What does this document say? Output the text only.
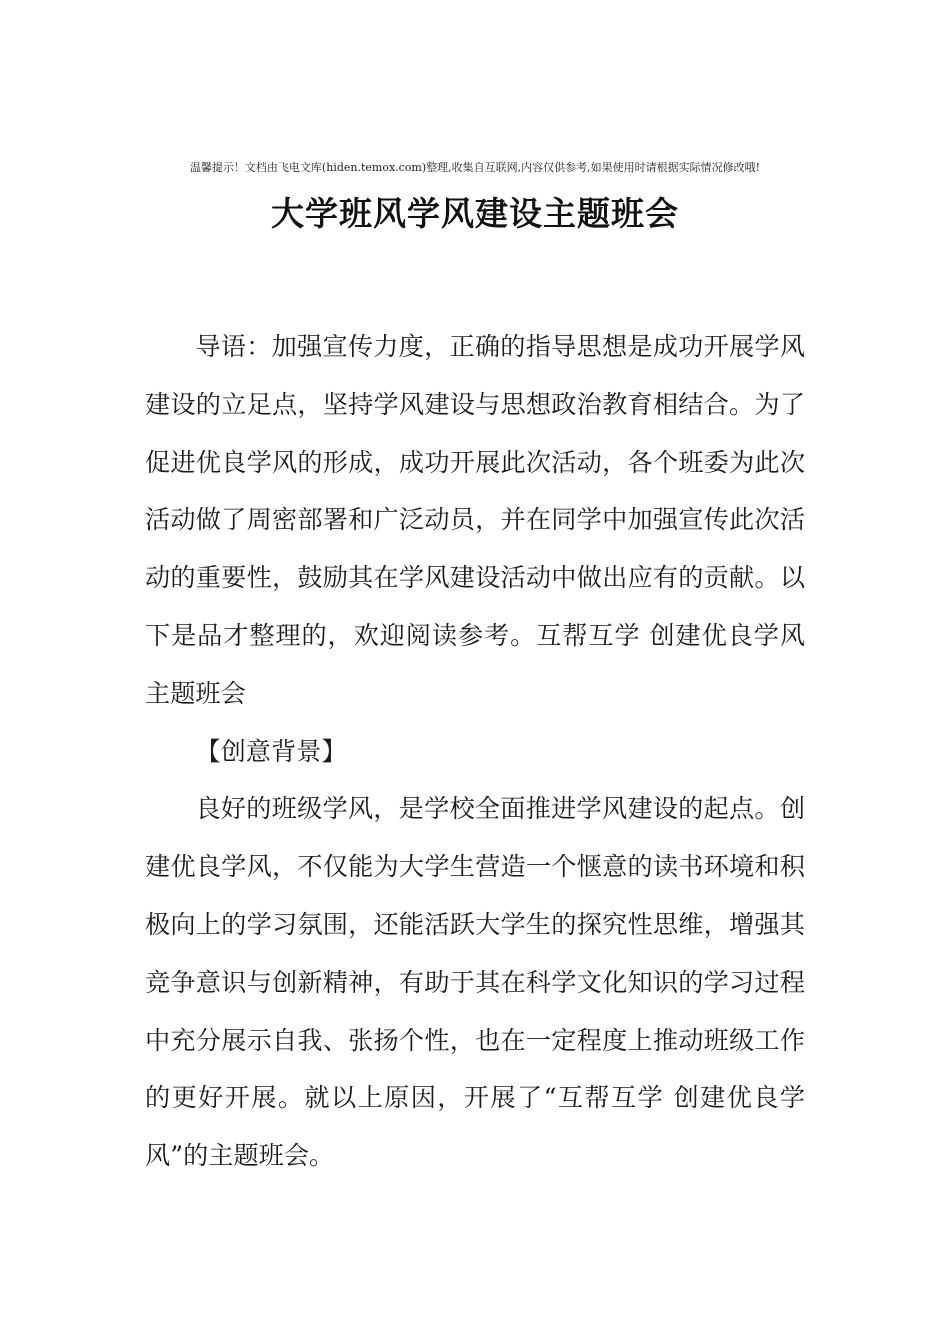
温馨提示！文档由飞电文库(hiden.temox.com)整理,收集自互联网,内容仅供参考,如果使用时请根据实际情况修改哦!
大学班风学风建设主题班会

导语：加强宣传力度，正确的指导思想是成功开展学风建设的立足点，坚持学风建设与思想政治教育相结合。为了促进优良学风的形成，成功开展此次活动，各个班委为此次活动做了周密部署和广泛动员，并在同学中加强宣传此次活动的重要性，鼓励其在学风建设活动中做出应有的贡献。以下是品才整理的，欢迎阅读参考。互帮互学 创建优良学风主题班会

【创意背景】

良好的班级学风，是学校全面推进学风建设的起点。创建优良学风，不仅能为大学生营造一个惬意的读书环境和积极向上的学习氛围，还能活跃大学生的探究性思维，增强其竞争意识与创新精神，有助于其在科学文化知识的学习过程中充分展示自我、张扬个性，也在一定程度上推动班级工作的更好开展。就以上原因，开展了“互帮互学 创建优良学风”的主题班会。
